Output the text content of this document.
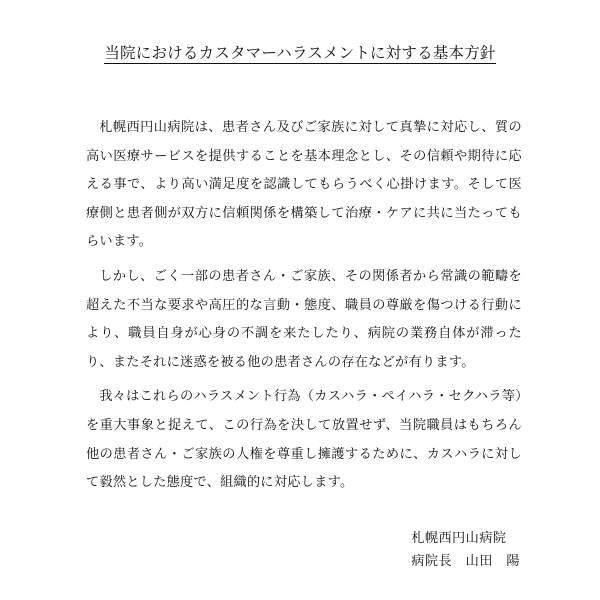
当院におけるカスタマーハラスメントに対する基本方針

札幌西円山病院は、患者さん及びご家族に対して真摯に対応し、質の高い医療サービスを提供することを基本理念とし、その信頼や期待に応える事で、より高い満足度を認識してもらうべく心掛けます。そして医療側と患者側が双方に信頼関係を構築して治療・ケアに共に当たってもらいます。

しかし、ごく一部の患者さん・ご家族、その関係者から常識の範疇を超えた不当な要求や高圧的な言動・態度、職員の尊厳を傷つける行動により、職員自身が心身の不調を来たしたり、病院の業務自体が滞ったり、またそれに迷惑を被る他の患者さんの存在などが有ります。

我々はこれらのハラスメント行為（カスハラ・ペイハラ・セクハラ等）を重大事象と捉えて、この行為を決して放置せず、当院職員はもちろん他の患者さん・ご家族の人権を尊重し擁護するために、カスハラに対して毅然とした態度で、組織的に対応します。

札幌西円山病院
病院長　山田　陽
